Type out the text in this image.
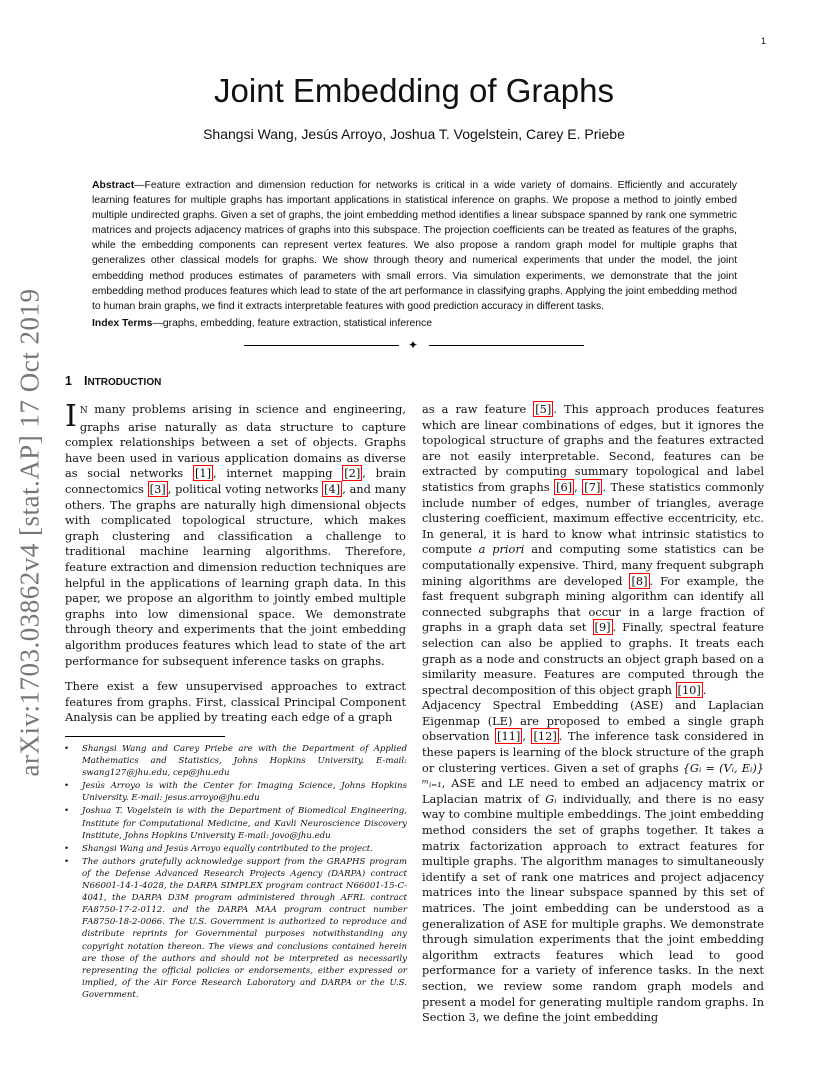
1
arXiv:1703.03862v4 [stat.AP] 17 Oct 2019
Joint Embedding of Graphs
Shangsi Wang, Jesús Arroyo, Joshua T. Vogelstein, Carey E. Priebe

Abstract—Feature extraction and dimension reduction for networks is critical in a wide variety of domains. Efficiently and accurately learning features for multiple graphs has important applications in statistical inference on graphs. We propose a method to jointly embed multiple undirected graphs. Given a set of graphs, the joint embedding method identifies a linear subspace spanned by rank one symmetric matrices and projects adjacency matrices of graphs into this subspace. The projection coefficients can be treated as features of the graphs, while the embedding components can represent vertex features. We also propose a random graph model for multiple graphs that generalizes other classical models for graphs. We show through theory and numerical experiments that under the model, the joint embedding method produces estimates of parameters with small errors. Via simulation experiments, we demonstrate that the joint embedding method produces features which lead to state of the art performance in classifying graphs. Applying the joint embedding method to human brain graphs, we find it extracts interpretable features with good prediction accuracy in different tasks.

Index Terms—graphs, embedding, feature extraction, statistical inference

✦
1 INTRODUCTION

I N many problems arising in science and engineering, graphs arise naturally as data structure to capture complex relationships between a set of objects. Graphs have been used in various application domains as diverse as social networks [1] , internet mapping [2] , brain connectomics [3] , political voting networks [4] , and many others. The graphs are naturally high dimensional objects with complicated topological structure, which makes graph clustering and classification a challenge to traditional machine learning algorithms. Therefore, feature extraction and dimension reduction techniques are helpful in the applications of learning graph data. In this paper, we propose an algorithm to jointly embed multiple graphs into low dimensional space. We demonstrate through theory and experiments that the joint embedding algorithm produces features which lead to state of the art performance for subsequent inference tasks on graphs.

There exist a few unsupervised approaches to extract features from graphs. First, classical Principal Component Analysis can be applied by treating each edge of a graph

• Shangsi Wang and Carey Priebe are with the Department of Applied Mathematics and Statistics, Johns Hopkins University. E-mail: swang127@jhu.edu, cep@jhu.edu
• Jesús Arroyo is with the Center for Imaging Science, Johns Hopkins University. E-mail: jesus.arroyo@jhu.edu
• Joshua T. Vogelstein is with the Department of Biomedical Engineering, Institute for Computational Medicine, and Kavli Neuroscience Discovery Institute, Johns Hopkins University E-mail: jovo@jhu.edu
• Shangsi Wang and Jesús Arroyo equally contributed to the project.
• The authors gratefully acknowledge support from the GRAPHS program of the Defense Advanced Research Projects Agency (DARPA) contract N66001-14-1-4028, the DARPA SIMPLEX program contract N66001-15-C-4041, the DARPA D3M program administered through AFRL contract FA8750-17-2-0112. and the DARPA MAA program contract number FA8750-18-2-0066. The U.S. Government is authorized to reproduce and distribute reprints for Governmental purposes notwithstanding any copyright notation thereon. The views and conclusions contained herein are those of the authors and should not be interpreted as necessarily representing the official policies or endorsements, either expressed or implied, of the Air Force Research Laboratory and DARPA or the U.S. Government.

as a raw feature [5] . This approach produces features which are linear combinations of edges, but it ignores the topological structure of graphs and the features extracted are not easily interpretable. Second, features can be extracted by computing summary topological and label statistics from graphs [6] , [7] . These statistics commonly include number of edges, number of triangles, average clustering coefficient, maximum effective eccentricity, etc. In general, it is hard to know what intrinsic statistics to compute a priori and computing some statistics can be computationally expensive. Third, many frequent subgraph mining algorithms are developed [8] . For example, the fast frequent subgraph mining algorithm can identify all connected subgraphs that occur in a large fraction of graphs in a graph data set [9] . Finally, spectral feature selection can also be applied to graphs. It treats each graph as a node and constructs an object graph based on a similarity measure. Features are computed through the spectral decomposition of this object graph [10] .

Adjacency Spectral Embedding (ASE) and Laplacian Eigenmap (LE) are proposed to embed a single graph observation [11] , [12] . The inference task considered in these papers is learning of the block structure of the graph or clustering vertices. Given a set of graphs {Gᵢ = (Vᵢ, Eᵢ)}ᵐᵢ₌₁, ASE and LE need to embed an adjacency matrix or Laplacian matrix of Gᵢ individually, and there is no easy way to combine multiple embeddings. The joint embedding method considers the set of graphs together. It takes a matrix factorization approach to extract features for multiple graphs. The algorithm manages to simultaneously identify a set of rank one matrices and project adjacency matrices into the linear subspace spanned by this set of matrices. The joint embedding can be understood as a generalization of ASE for multiple graphs. We demonstrate through simulation experiments that the joint embedding algorithm extracts features which lead to good performance for a variety of inference tasks. In the next section, we review some random graph models and present a model for generating multiple random graphs. In Section 3, we define the joint embedding
